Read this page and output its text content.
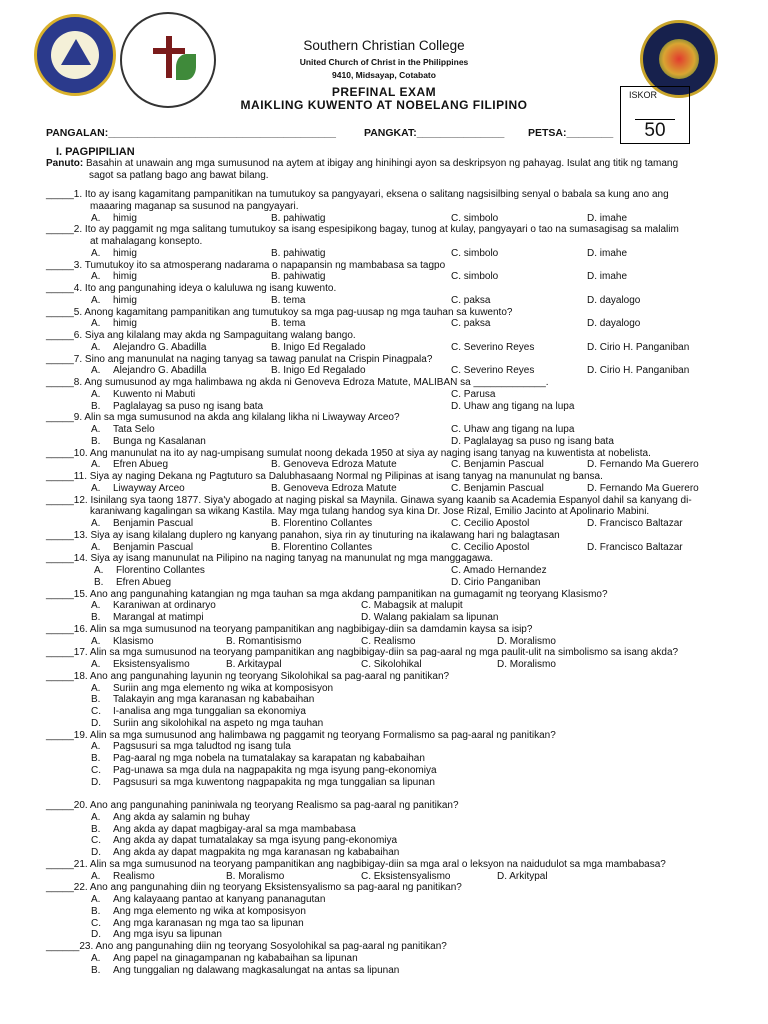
Southern Christian College
United Church of Christ in the Philippines
9410, Midsayap, Cotabato
PREFINAL EXAM
MAIKLING KUWENTO AT NOBELANG FILIPINO
ISKOR
50
PANGALAN:_______________________________________	PANGKAT:_______________ PETSA:________
I. PAGPIPILIAN
Panuto: Basahin at unawain ang mga sumusunod na aytem at ibigay ang hinihingi ayon sa deskripsyon ng pahayag. Isulat ang titik ng tamang
sagot sa patlang bago ang bawat bilang.
_____1. Ito ay isang kagamitang pampanitikan na tumutukoy sa pangyayari, eksena o salitang nagsisilbing senyal o babala sa kung ano ang
maaaring maganap sa susunod na pangyayari.
A. himig	B. pahiwatig	C. simbolo	D. imahe
_____2. Ito ay paggamit ng mga salitang tumutukoy sa isang espesipikong bagay, tunog at kulay, pangyayari o tao na sumasagisag sa malalim
at mahalagang konsepto.
A. himig	B. pahiwatig	C. simbolo	D. imahe
_____3. Tumutukoy ito sa atmosperang nadarama o napapansin ng mambabasa sa tagpo
A. himig	B. pahiwatig	C. simbolo	D. imahe
_____4. Ito ang pangunahing ideya o kaluluwa ng isang kuwento.
A. himig	B. tema	C. paksa	D. dayalogo
_____5. Anong kagamitang pampanitikan ang tumutukoy sa mga pag-uusap ng mga tauhan sa kuwento?
A. himig	B. tema	C. paksa	D. dayalogo
_____6. Siya ang kilalang may akda ng Sampaguitang walang bango.
A. Alejandro G. Abadilla	B. Inigo Ed Regalado	C. Severino Reyes	D. Cirio H. Panganiban
_____7. Sino ang manunulat na naging tanyag sa tawag panulat na Crispin Pinagpala?
A. Alejandro G. Abadilla	B. Inigo Ed Regalado	C. Severino Reyes	D. Cirio H. Panganiban
_____8. Ang sumusunod ay mga halimbawa ng akda ni Genoveva Edroza Matute, MALIBAN sa _____________.
A. Kuwento ni Mabuti	C. Parusa
B. Paglalayag sa puso ng isang bata	D. Uhaw ang tigang na lupa
_____9. Alin sa mga sumusunod na akda ang kilalang likha ni Liwayway Arceo?
A. Tata Selo	C. Uhaw ang tigang na lupa
B. Bunga ng Kasalanan	D. Paglalayag sa puso ng isang bata
_____10. Ang manunulat na ito ay nag-umpisang sumulat noong dekada 1950 at siya ay naging isang tanyag na kuwentista at nobelista.
A. Efren Abueg	B. Genoveva Edroza Matute	C. Benjamin Pascual	D. Fernando Ma Guerero
_____11. Siya ay naging Dekana ng Pagtuturo sa Dalubhasaang Normal ng Pilipinas at isang tanyag na manunulat ng bansa.
A. Liwayway Arceo	B. Genoveva Edroza Matute	C. Benjamin Pascual	D. Fernando Ma Guerero
_____12. Isinilang sya taong 1877. Siya'y abogado at naging piskal sa Maynila. Ginawa syang kaanib sa Academia Espanyol dahil sa kanyang di-
karaniwang kagalingan sa wikang Kastila. May mga tulang handog sya kina Dr. Jose Rizal, Emilio Jacinto at Apolinario Mabini.
A. Benjamin Pascual	B. Florentino Collantes	C. Cecilio Apostol	D. Francisco Baltazar
_____13. Siya ay isang kilalang duplero ng kanyang panahon, siya rin ay tinuturing na ikalawang hari ng balagtasan
A. Benjamin Pascual	B. Florentino Collantes	C. Cecilio Apostol	D. Francisco Baltazar
_____14. Siya ay isang manunulat na Pilipino na naging tanyag na manunulat ng mga manggagawa.
A. Florentino Collantes	C. Amado Hernandez
B. Efren Abueg	D. Cirio Panganiban
_____15. Ano ang pangunahing katangian ng mga tauhan sa mga akdang pampanitikan na gumagamit ng teoryang Klasismo?
A. Karaniwan at ordinaryo	C. Mabagsik at malupit
B. Marangal at matimpi	D. Walang pakialam sa lipunan
_____16. Alin sa mga sumusunod na teoryang pampanitikan ang nagbibigay-diin sa damdamin kaysa sa isip?
A. Klasismo	B. Romantisismo	C. Realismo	D. Moralismo
_____17. Alin sa mga sumusunod na teoryang pampanitikan ang nagbibigay-diin sa pag-aaral ng mga paulit-ulit na simbolismo sa isang akda?
A. Eksistensyalismo	B. Arkitaypal	C. Sikolohikal	D. Moralismo
_____18. Ano ang pangunahing layunin ng teoryang Sikolohikal sa pag-aaral ng panitikan?
A. Suriin ang mga elemento ng wika at komposisyon
B. Talakayin ang mga karanasan ng kababaihan
C. I-analisa ang mga tunggalian sa ekonomiya
D. Suriin ang sikolohikal na aspeto ng mga tauhan
_____19. Alin sa mga sumusunod ang halimbawa ng paggamit ng teoryang Formalismo sa pag-aaral ng panitikan?
A. Pagsusuri sa mga taludtod ng isang tula
B. Pag-aaral ng mga nobela na tumatalakay sa karapatan ng kababaihan
C. Pag-unawa sa mga dula na nagpapakita ng mga isyung pang-ekonomiya
D. Pagsusuri sa mga kuwentong nagpapakita ng mga tunggalian sa lipunan
_____20. Ano ang pangunahing paniniwala ng teoryang Realismo sa pag-aaral ng panitikan?
A. Ang akda ay salamin ng buhay
B. Ang akda ay dapat magbigay-aral sa mga mambabasa
C. Ang akda ay dapat tumatalakay sa mga isyung pang-ekonomiya
D. Ang akda ay dapat magpakita ng mga karanasan ng kababaihan
_____21. Alin sa mga sumusunod na teoryang pampanitikan ang nagbibigay-diin sa mga aral o leksyon na naidudulot sa mga mambabasa?
A. Realismo	B. Moralismo	C. Eksistensyalismo	D. Arkitypal
_____22. Ano ang pangunahing diin ng teoryang Eksistensyalismo sa pag-aaral ng panitikan?
A. Ang kalayaang pantao at kanyang pananagutan
B. Ang mga elemento ng wika at komposisyon
C. Ang mga karanasan ng mga tao sa lipunan
D. Ang mga isyu sa lipunan
______23. Ano ang pangunahing diin ng teoryang Sosyolohikal sa pag-aaral ng panitikan?
A. Ang papel na ginagampanan ng kababaihan sa lipunan
B. Ang tunggalian ng dalawang magkasalungat na antas sa lipunan
